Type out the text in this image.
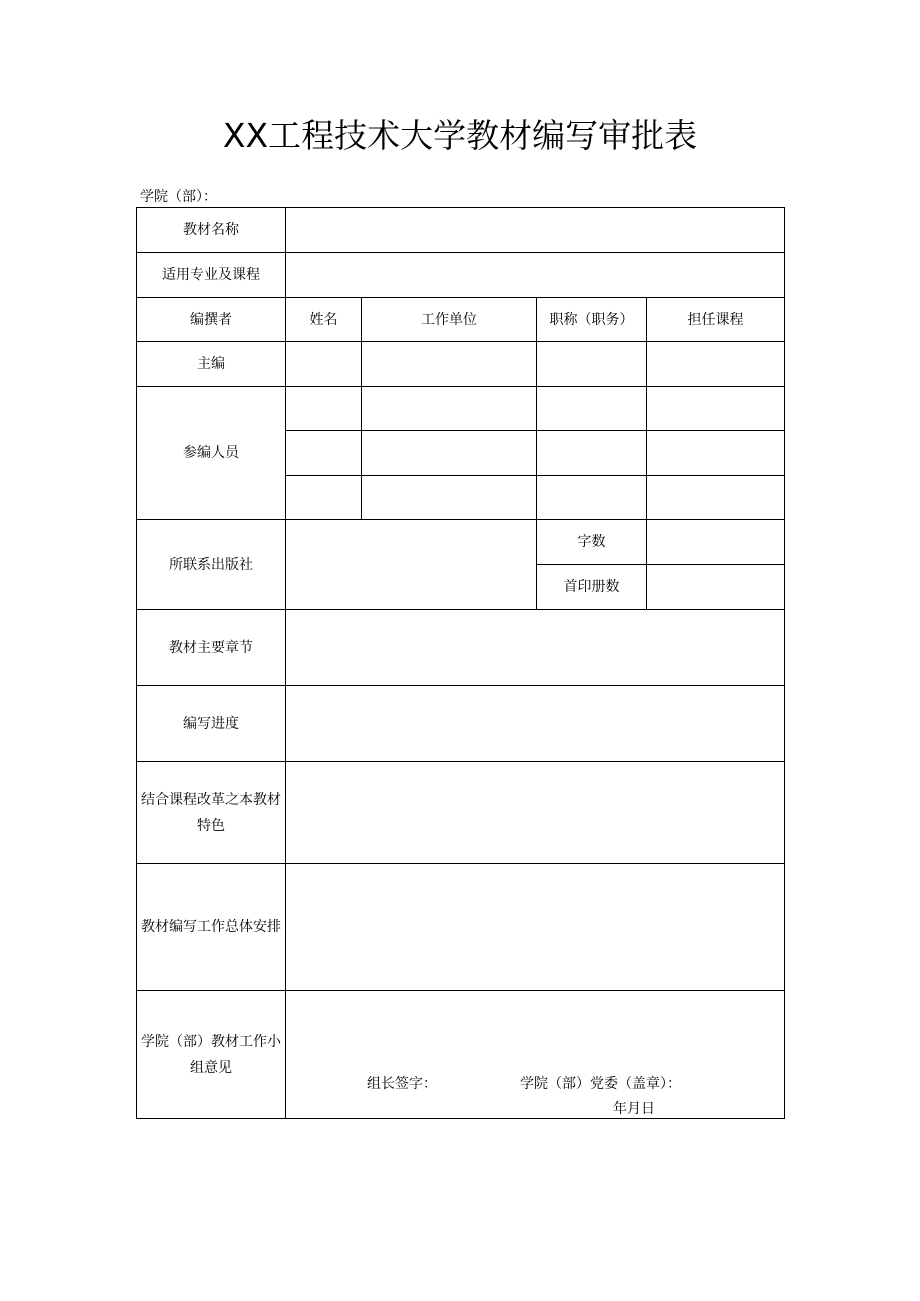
XX工程技术大学教材编写审批表
学院（部）：
教材名称				
适用专业及课程				
编撰者	姓名	工作单位	职称（职务）	担任课程
主编				
参编人员				

所联系出版社			字数	
			首印册数	
教材主要章节				
编写进度				
结合课程改革之本教材特色				
教材编写工作总体安排				
学院（部）教材工作小组意见	组长签字： 学院（部）党委（盖章）：
年月日			
